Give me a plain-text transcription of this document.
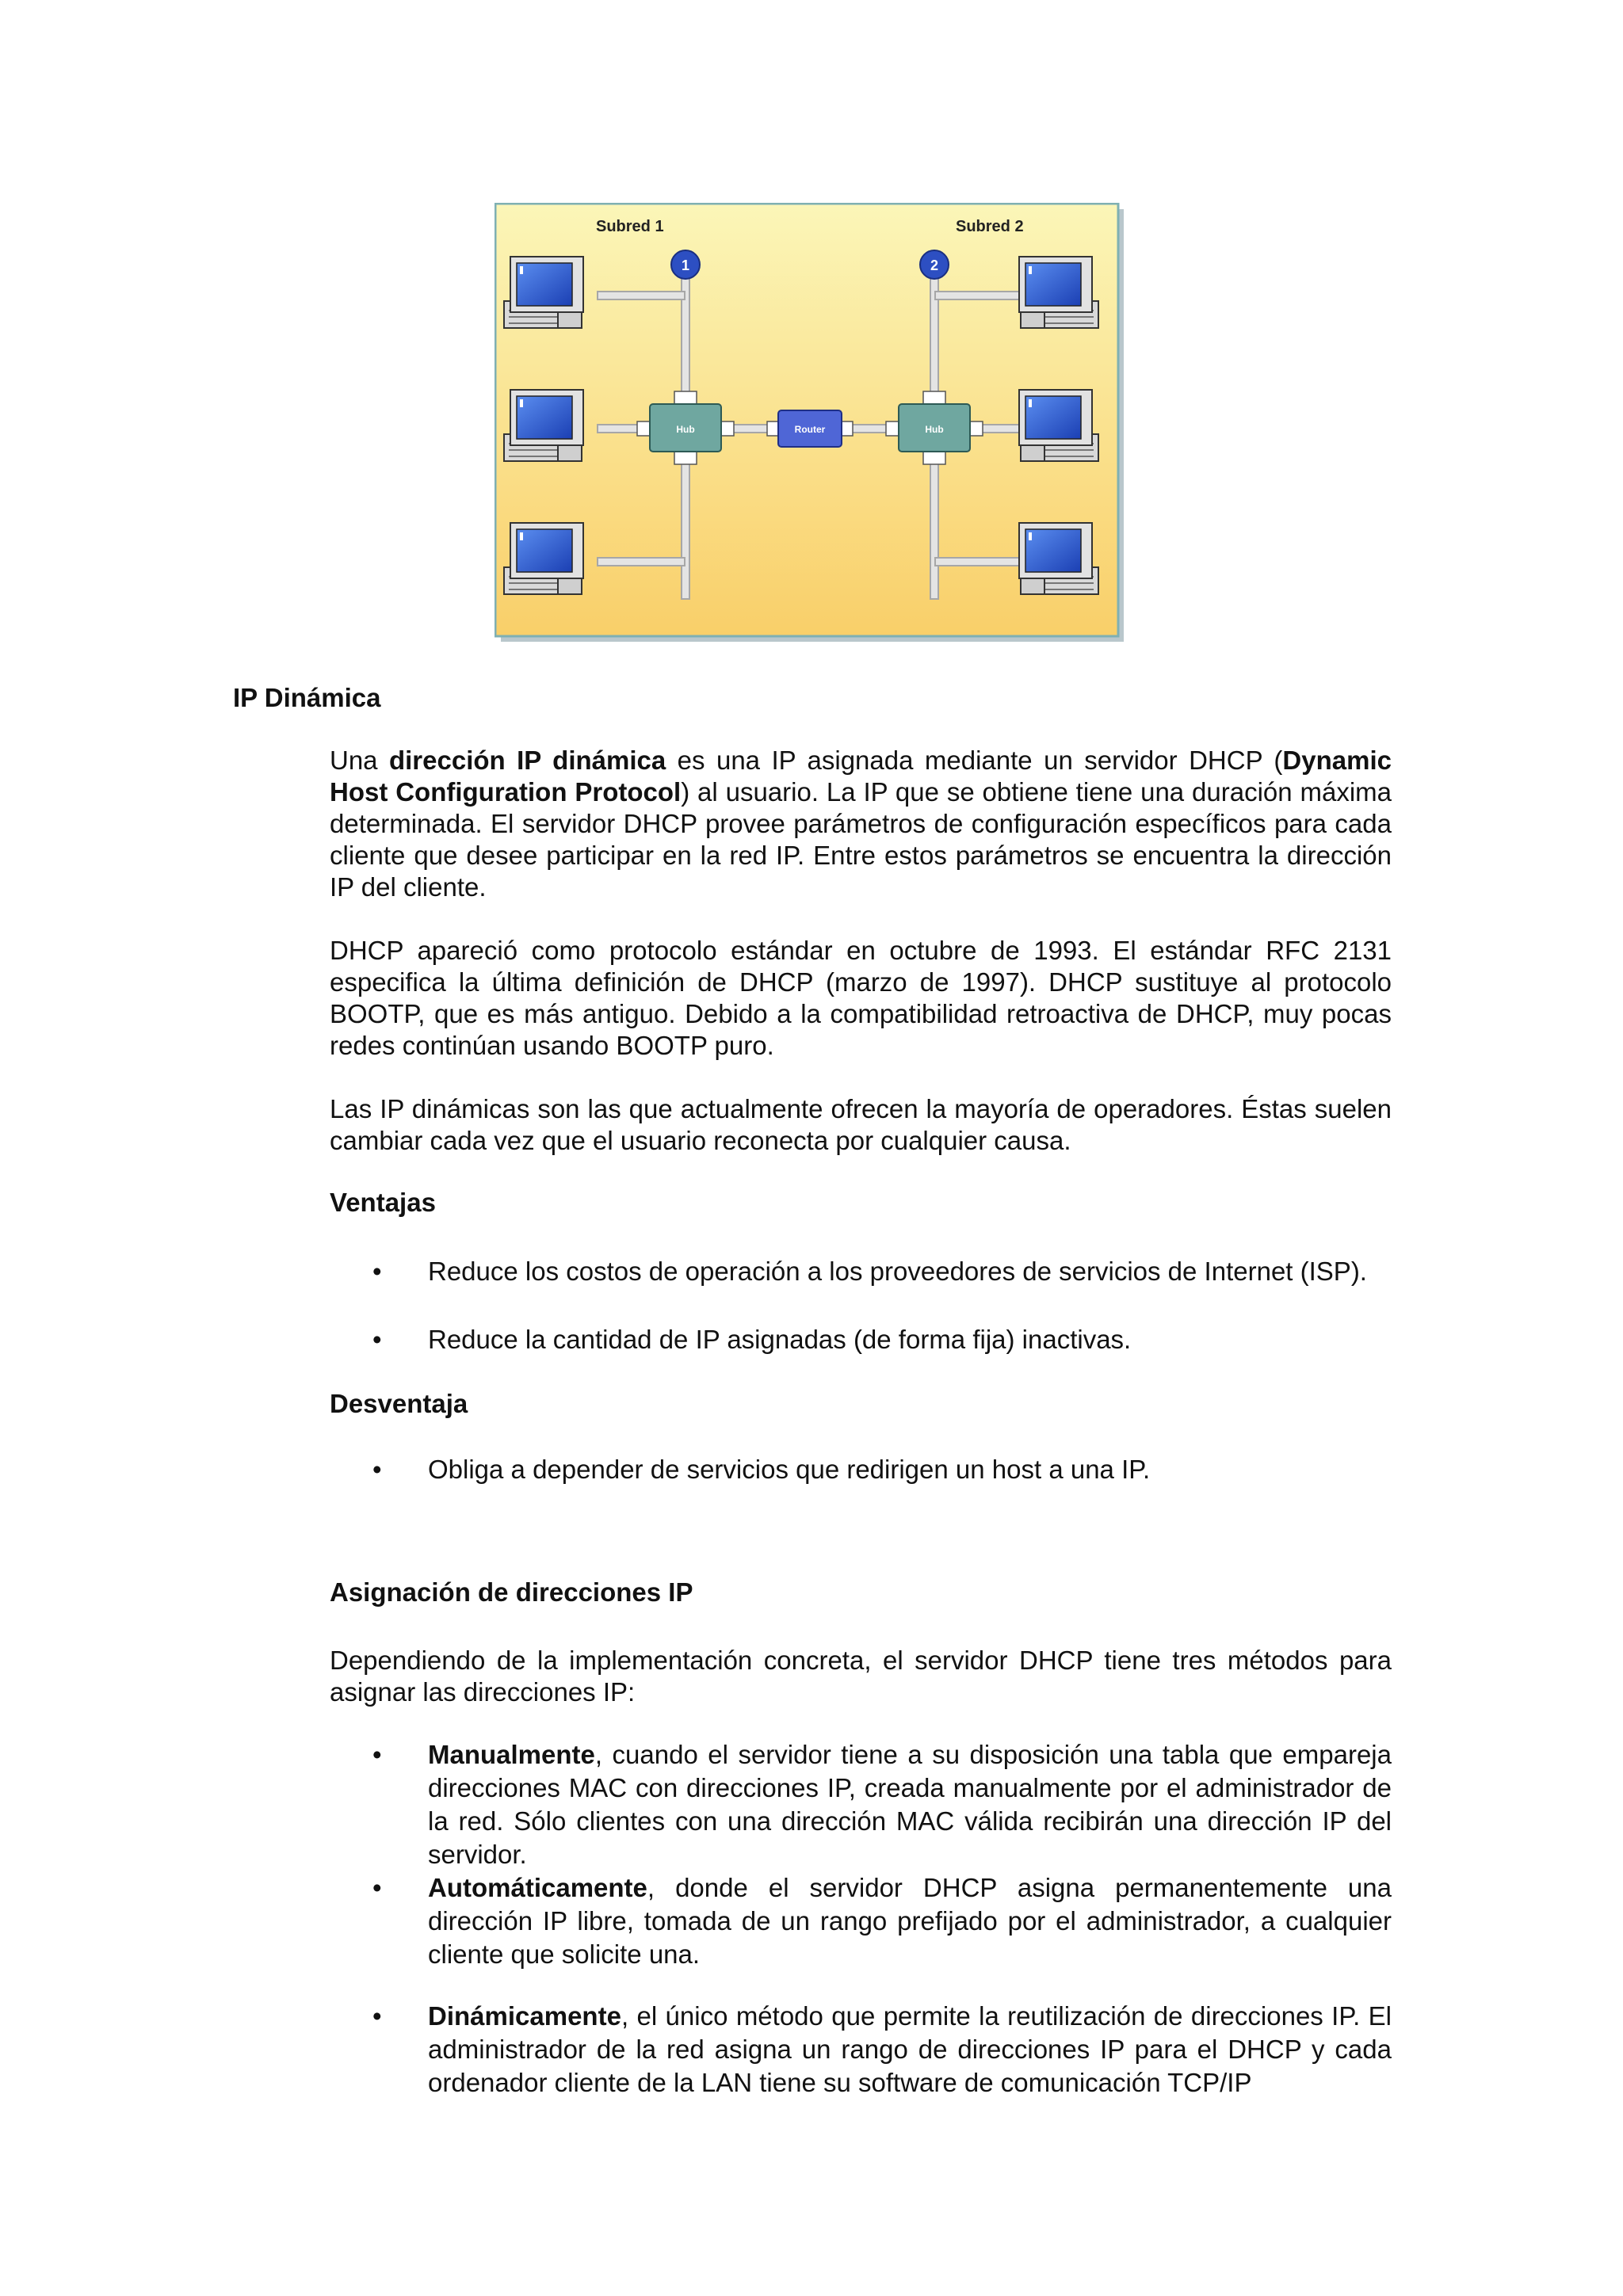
Subred 1	Subred 2
1	2
Hub	Hub
Router
IP Dinámica

Una dirección IP dinámica es una IP asignada mediante un servidor DHCP (Dynamic Host Configuration Protocol) al usuario. La IP que se obtiene tiene una duración máxima determinada. El servidor DHCP provee parámetros de configuración específicos para cada cliente que desee participar en la red IP. Entre estos parámetros se encuentra la dirección IP del cliente.

DHCP apareció como protocolo estándar en octubre de 1993. El estándar RFC 2131 especifica la última definición de DHCP (marzo de 1997). DHCP sustituye al protocolo BOOTP, que es más antiguo. Debido a la compatibilidad retroactiva de DHCP, muy pocas redes continúan usando BOOTP puro.

Las IP dinámicas son las que actualmente ofrecen la mayoría de operadores. Éstas suelen cambiar cada vez que el usuario reconecta por cualquier causa.

Ventajas
• Reduce los costos de operación a los proveedores de servicios de Internet (ISP).
• Reduce la cantidad de IP asignadas (de forma fija) inactivas.
Desventaja
• Obliga a depender de servicios que redirigen un host a una IP.
Asignación de direcciones IP

Dependiendo de la implementación concreta, el servidor DHCP tiene tres métodos para asignar las direcciones IP:

• Manualmente, cuando el servidor tiene a su disposición una tabla que empareja direcciones MAC con direcciones IP, creada manualmente por el administrador de la red. Sólo clientes con una dirección MAC válida recibirán una dirección IP del servidor.
• Automáticamente, donde el servidor DHCP asigna permanentemente una dirección IP libre, tomada de un rango prefijado por el administrador, a cualquier cliente que solicite una.
• Dinámicamente, el único método que permite la reutilización de direcciones IP. El administrador de la red asigna un rango de direcciones IP para el DHCP y cada ordenador cliente de la LAN tiene su software de comunicación TCP/IP
